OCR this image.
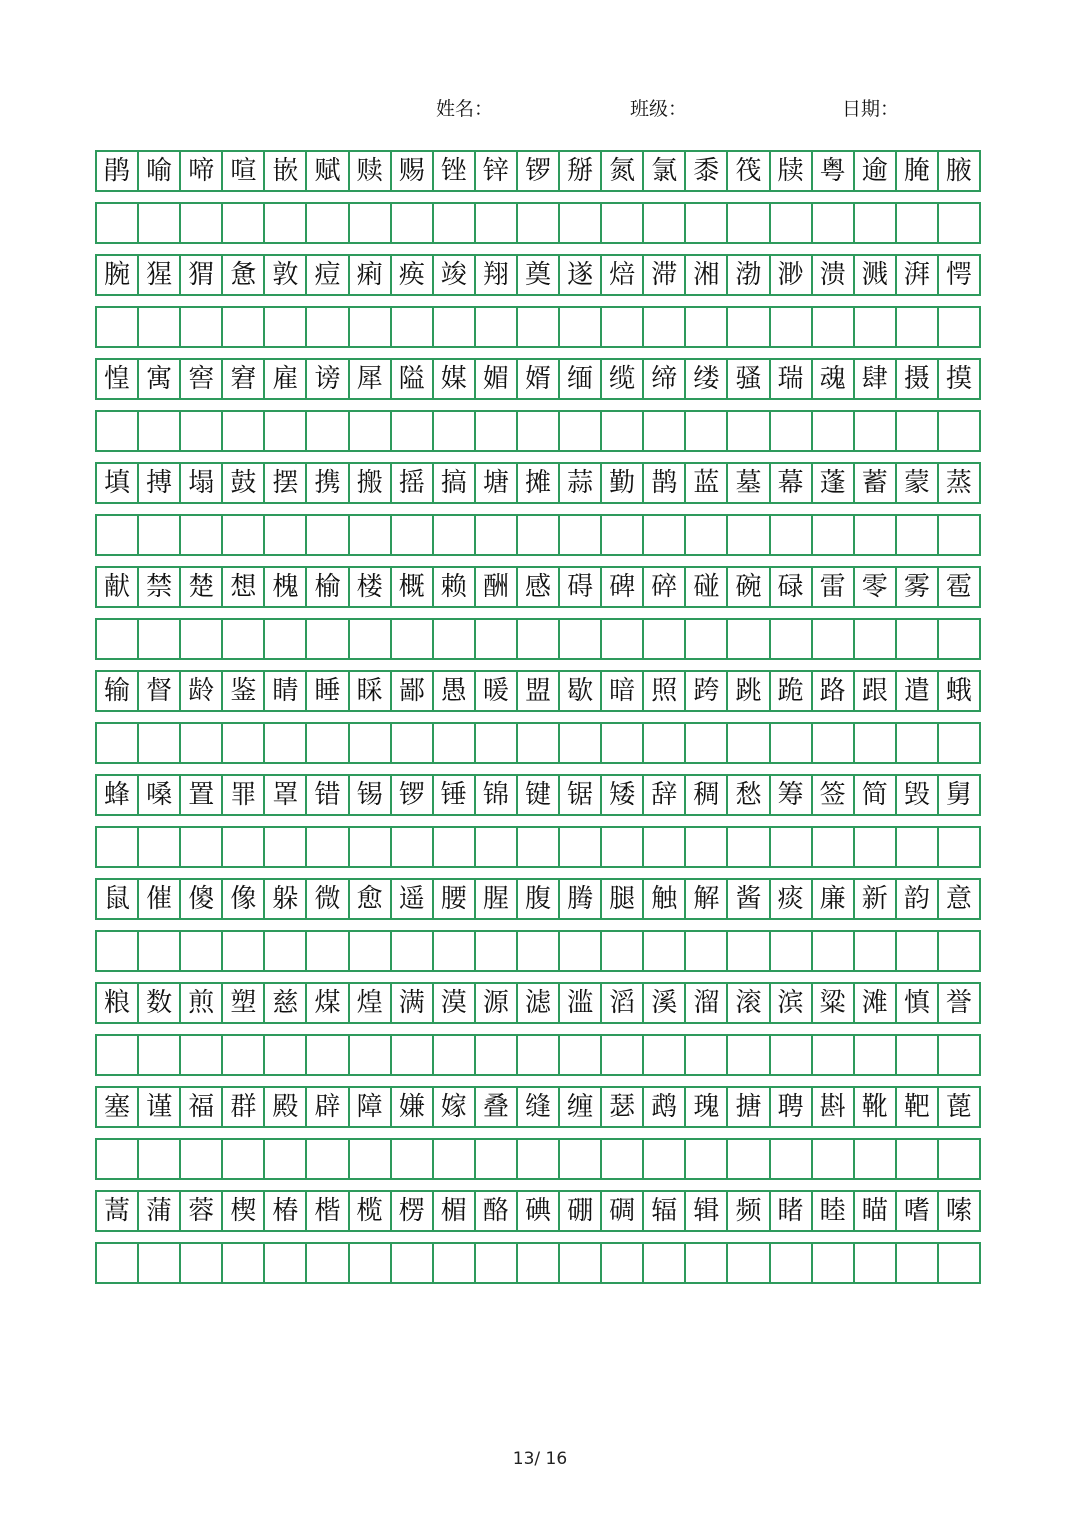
姓名：	班级：	日期：
鹃 喻 啼 喧 嵌 赋 赎 赐 锉 锌 锣 掰 氮 氯 黍 筏 牍 粤 逾 腌 腋
腕 猩 猬 惫 敦 痘 痢 痪 竣 翔 奠 遂 焙 滞 湘 渤 渺 溃 溅 湃 愕
惶 寓 窖 窘 雇 谤 犀 隘 媒 媚 婿 缅 缆 缔 缕 骚 瑞 魂 肆 摄 摸
填 搏 塌 鼓 摆 携 搬 摇 搞 塘 摊 蒜 勤 鹊 蓝 墓 幕 蓬 蓄 蒙 蒸
献 禁 楚 想 槐 榆 楼 概 赖 酬 感 碍 碑 碎 碰 碗 碌 雷 零 雾 雹
输 督 龄 鉴 睛 睡 睬 鄙 愚 暖 盟 歇 暗 照 跨 跳 跪 路 跟 遣 蛾
蜂 嗓 置 罪 罩 错 锡 锣 锤 锦 键 锯 矮 辞 稠 愁 筹 签 简 毁 舅
鼠 催 傻 像 躲 微 愈 遥 腰 腥 腹 腾 腿 触 解 酱 痰 廉 新 韵 意
粮 数 煎 塑 慈 煤 煌 满 漠 源 滤 滥 滔 溪 溜 滚 滨 粱 滩 慎 誉
塞 谨 福 群 殿 辟 障 嫌 嫁 叠 缝 缠 瑟 鹉 瑰 搪 聘 斟 靴 靶 蓖
蒿 蒲 蓉 楔 椿 楷 榄 楞 楣 酪 碘 硼 碉 辐 辑 频 睹 睦 瞄 嗜 嗦
13/ 16
